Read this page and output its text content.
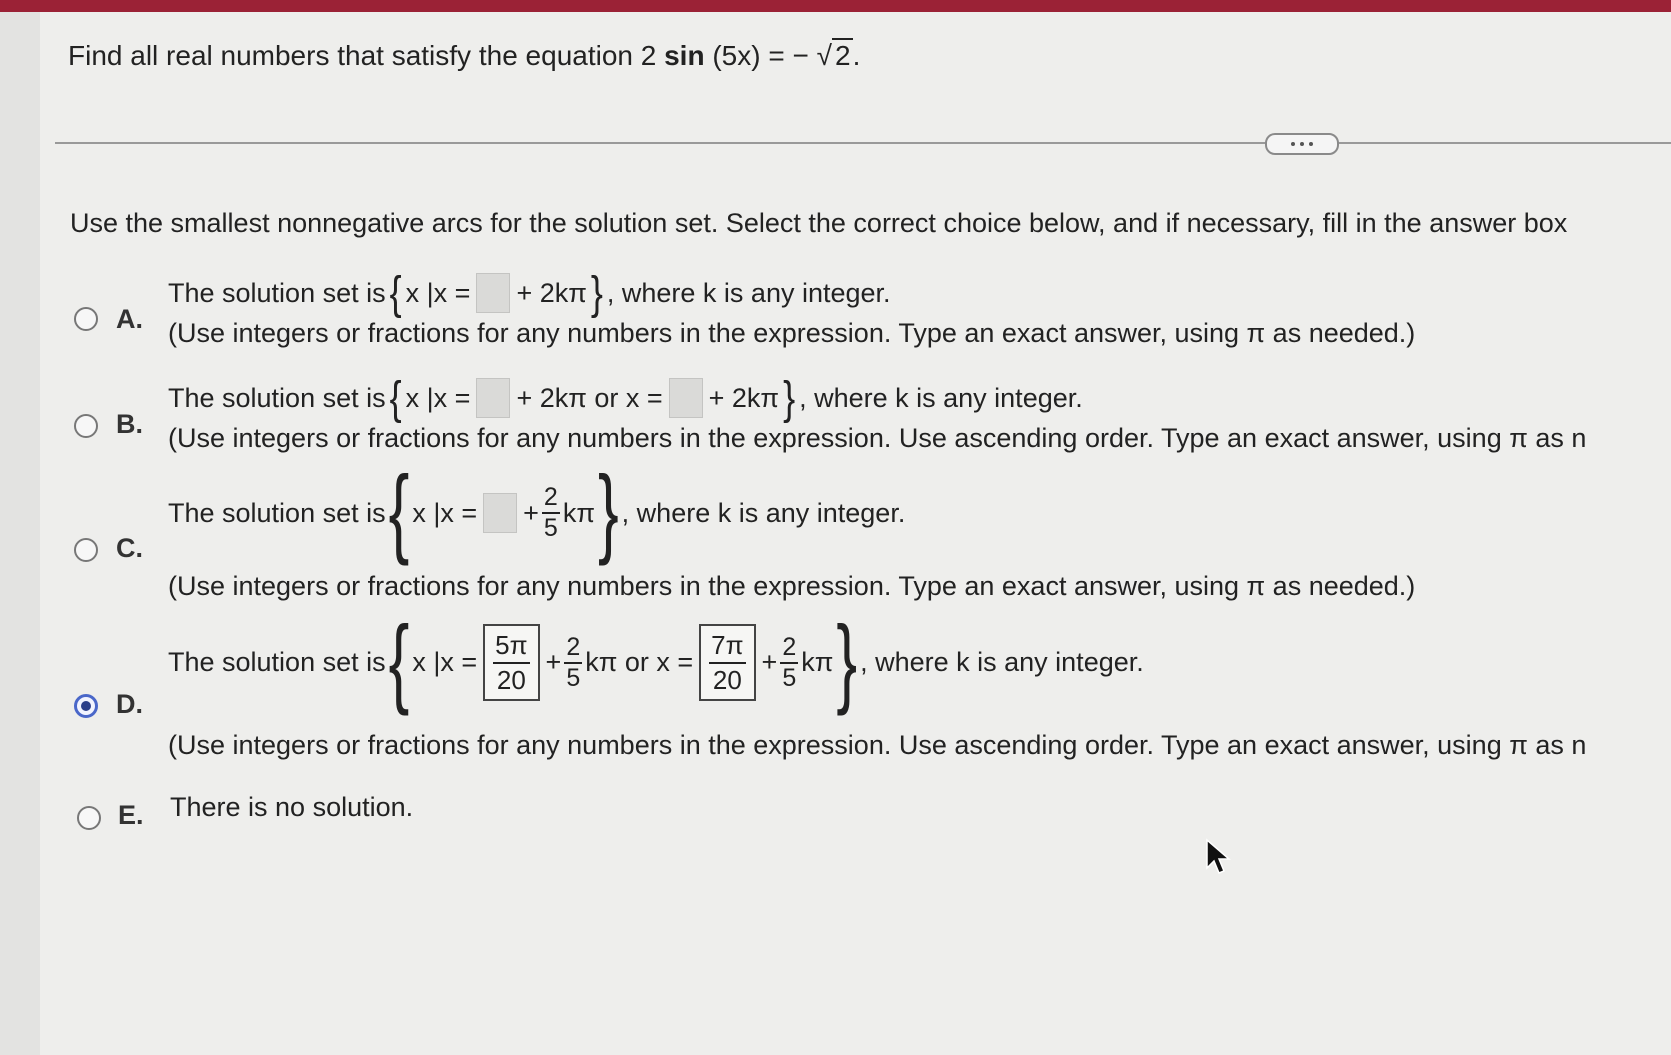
Find all real numbers that satisfy the equation 2 sin (5x) = − √ 2.
Use the smallest nonnegative arcs for the solution set. Select the correct choice below, and if necessary, fill in the answer box
A.
The solution set is { x |x = + 2kπ } , where k is any integer.
(Use integers or fractions for any numbers in the expression. Type an exact answer, using π as needed.)
B.
The solution set is { x |x = + 2kπ or x = + 2kπ } , where k is any integer.
(Use integers or fractions for any numbers in the expression. Use ascending order. Type an exact answer, using π as n
C.
The solution set is { x |x = + $\frac{2}{5}$ kπ } , where k is any integer.
(Use integers or fractions for any numbers in the expression. Type an exact answer, using π as needed.)
D.
The solution set is { x $|x = \frac{5\pi}{20} + \frac{2}{5}$ kπ or $x = \frac{7\pi}{20} + \frac{2}{5}$ kπ } , where k is any integer.
(Use integers or fractions for any numbers in the expression. Use ascending order. Type an exact answer, using π as n
E. There is no solution.
